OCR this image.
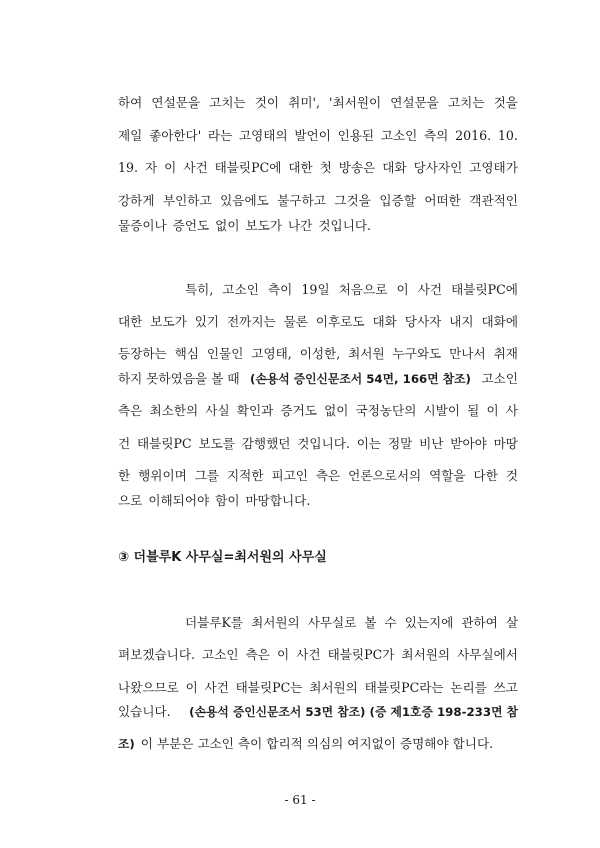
하여 연설문을 고치는 것이 취미', '최서원이 연설문을 고치는 것을
제일 좋아한다' 라는 고영태의 발언이 인용된 고소인 측의 2016. 10.
19. 자 이 사건 태블릿PC에 대한 첫 방송은 대화 당사자인 고영태가
강하게 부인하고 있음에도 불구하고 그것을 입증할 어떠한 객관적인
물증이나 증언도 없이 보도가 나간 것입니다.
특히, 고소인 측이 19일 처음으로 이 사건 태블릿PC에
대한 보도가 있기 전까지는 물론 이후로도 대화 당사자 내지 대화에
등장하는 핵심 인물인 고영태, 이성한, 최서원 누구와도 만나서 취재
하지 못하였음을 볼 때 (손용석 증인신문조서 54면, 166면 참조) 고소인
측은 최소한의 사실 확인과 증거도 없이 국정농단의 시발이 될 이 사
건 태블릿PC 보도를 감행했던 것입니다. 이는 정말 비난 받아야 마땅
한 행위이며 그를 지적한 피고인 측은 언론으로서의 역할을 다한 것
으로 이해되어야 함이 마땅합니다.
③ 더블루K 사무실=최서원의 사무실
더블루K를 최서원의 사무실로 볼 수 있는지에 관하여 살
펴보겠습니다. 고소인 측은 이 사건 태블릿PC가 최서원의 사무실에서
나왔으므로 이 사건 태블릿PC는 최서원의 태블릿PC라는 논리를 쓰고
있습니다. (손용석 증인신문조서 53면 참조) (증 제1호증 198-233면 참
조) 이 부분은 고소인 측이 합리적 의심의 여지없이 증명해야 합니다.
- 61 -
